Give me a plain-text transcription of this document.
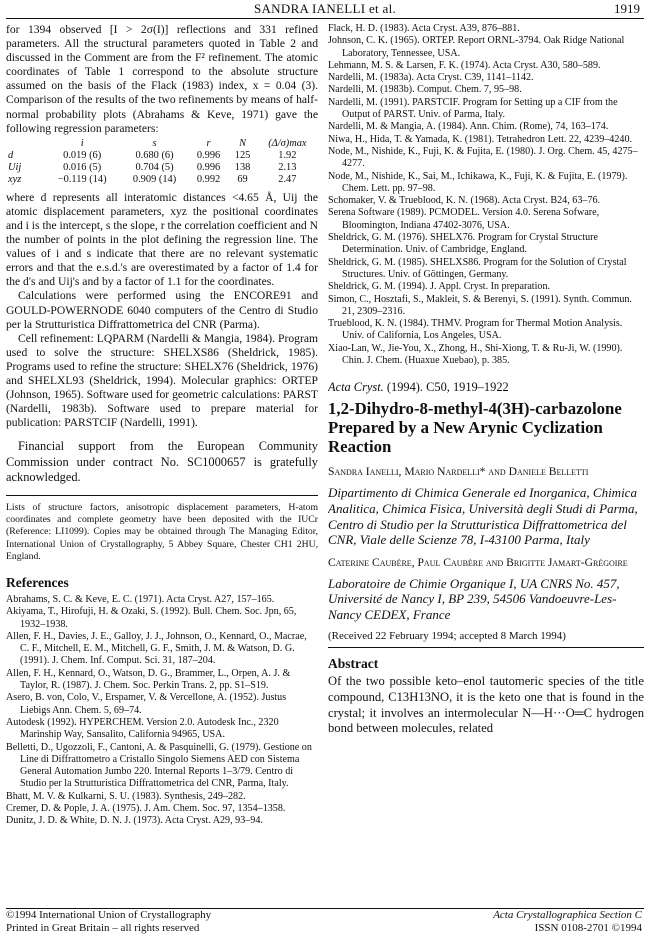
SANDRA IANELLI et al.	1919

for 1394 observed [I > 2σ(I)] reflections and 331 refined parameters. All the structural parameters quoted in Table 2 and discussed in the Comment are from the F² refinement. The atomic coordinates of Table 1 correspond to the absolute structure assumed on the basis of the Flack (1983) index, x = 0.04 (3). Comparison of the results of the two refinements by means of half-normal probability plots (Abrahams & Keve, 1971) gave the following regression parameters:

	i	s	r	N	(Δ/σ)max
d	0.019 (6)	0.680 (6)	0.996	125	1.92
Uij	0.016 (5)	0.704 (5)	0.996	138	2.13
xyz	−0.119 (14)	0.909 (14)	0.992	69	2.47

where d represents all interatomic distances <4.65 Å, Uij the atomic displacement parameters, xyz the positional coordinates and i is the intercept, s the slope, r the correlation coefficient and N the number of points in the plot defining the regression line. The values of i and s indicate that there are no relevant systematic errors and that the e.s.d.'s are overestimated by a factor of 1.4 for the d's and Uij's and by a factor of 1.1 for the coordinates.

Calculations were performed using the ENCORE91 and GOULD-POWERNODE 6040 computers of the Centro di Studio per la Strutturistica Diffrattometrica del CNR (Parma).

Cell refinement: LQPARM (Nardelli & Mangia, 1984). Program used to solve the structure: SHELXS86 (Sheldrick, 1985). Programs used to refine the structure: SHELX76 (Sheldrick, 1976) and SHELXL93 (Sheldrick, 1994). Molecular graphics: ORTEP (Johnson, 1965). Software used for geometric calculations: PARST (Nardelli, 1983b). Software used to prepare material for publication: PARSTCIF (Nardelli, 1991).

Financial support from the European Community Commission under contract No. SC1000657 is gratefully acknowledged.

Lists of structure factors, anisotropic displacement parameters, H-atom coordinates and complete geometry have been deposited with the IUCr (Reference: LI1099). Copies may be obtained through The Managing Editor, International Union of Crystallography, 5 Abbey Square, Chester CH1 2HU, England.

References

Abrahams, S. C. & Keve, E. C. (1971). Acta Cryst. A27, 157–165.

Akiyama, T., Hirofuji, H. & Ozaki, S. (1992). Bull. Chem. Soc. Jpn, 65, 1932–1938.

Allen, F. H., Davies, J. E., Galloy, J. J., Johnson, O., Kennard, O., Macrae, C. F., Mitchell, E. M., Mitchell, G. F., Smith, J. M. & Watson, D. G. (1991). J. Chem. Inf. Comput. Sci. 31, 187–204.

Allen, F. H., Kennard, O., Watson, D. G., Brammer, L., Orpen, A. J. & Taylor, R. (1987). J. Chem. Soc. Perkin Trans. 2, pp. S1–S19.

Asero, B. von, Colo, V., Erspamer, V. & Vercellone, A. (1952). Justus Liebigs Ann. Chem. 5, 69–74.

Autodesk (1992). HYPERCHEM. Version 2.0. Autodesk Inc., 2320 Marinship Way, Sansalito, California 94965, USA.

Belletti, D., Ugozzoli, F., Cantoni, A. & Pasquinelli, G. (1979). Gestione on Line di Diffrattometro a Cristallo Singolo Siemens AED con Sistema General Automation Jumbo 220. Internal Reports 1–3/79. Centro di Studio per la Strutturistica Diffrattometrica del CNR, Parma, Italy.

Bhatt, M. V. & Kulkarni, S. U. (1983). Synthesis, 249–282.

Cremer, D. & Pople, J. A. (1975). J. Am. Chem. Soc. 97, 1354–1358.

Dunitz, J. D. & White, D. N. J. (1973). Acta Cryst. A29, 93–94.

Flack, H. D. (1983). Acta Cryst. A39, 876–881.

Johnson, C. K. (1965). ORTEP. Report ORNL-3794. Oak Ridge National Laboratory, Tennessee, USA.

Lehmann, M. S. & Larsen, F. K. (1974). Acta Cryst. A30, 580–589.

Nardelli, M. (1983a). Acta Cryst. C39, 1141–1142.

Nardelli, M. (1983b). Comput. Chem. 7, 95–98.

Nardelli, M. (1991). PARSTCIF. Program for Setting up a CIF from the Output of PARST. Univ. of Parma, Italy.

Nardelli, M. & Mangia, A. (1984). Ann. Chim. (Rome), 74, 163–174.

Niwa, H., Hida, T. & Yamada, K. (1981). Tetrahedron Lett. 22, 4239–4240.

Node, M., Nishide, K., Fuji, K. & Fujita, E. (1980). J. Org. Chem. 45, 4275–4277.

Node, M., Nishide, K., Sai, M., Ichikawa, K., Fuji, K. & Fujita, E. (1979). Chem. Lett. pp. 97–98.

Schomaker, V. & Trueblood, K. N. (1968). Acta Cryst. B24, 63–76.

Serena Software (1989). PCMODEL. Version 4.0. Serena Sofware, Bloomington, Indiana 47402-3076, USA.

Sheldrick, G. M. (1976). SHELX76. Program for Crystal Structure Determination. Univ. of Cambridge, England.

Sheldrick, G. M. (1985). SHELXS86. Program for the Solution of Crystal Structures. Univ. of Göttingen, Germany.

Sheldrick, G. M. (1994). J. Appl. Cryst. In preparation.

Simon, C., Hosztafi, S., Makleit, S. & Berenyi, S. (1991). Synth. Commun. 21, 2309–2316.

Trueblood, K. N. (1984). THMV. Program for Thermal Motion Analysis. Univ. of California, Los Angeles, USA.

Xiao-Lan, W., Jie-You, X., Zhong, H., Shi-Xiong, T. & Ru-Ji, W. (1990). Chin. J. Chem. (Huaxue Xuebao), p. 385.

Acta Cryst. (1994). C50, 1919–1922
1,2-Dihydro-8-methyl-4(3H)-carbazolone Prepared by a New Arynic Cyclization Reaction
Sandra Ianelli, Mario Nardelli* and Daniele Belletti
Dipartimento di Chimica Generale ed Inorganica, Chimica Analitica, Chimica Fisica, Università degli Studi di Parma, Centro di Studio per la Strutturistica Diffrattometrica del CNR, Viale delle Scienze 78, I-43100 Parma, Italy
Caterine Caubère, Paul Caubère and Brigitte Jamart-Grégoire
Laboratoire de Chimie Organique I, UA CNRS No. 457, Université de Nancy I, BP 239, 54506 Vandoeuvre-Les-Nancy CEDEX, France
(Received 22 February 1994; accepted 8 March 1994)
Abstract

Of the two possible keto–enol tautomeric species of the title compound, C13H13NO, it is the keto one that is found in the crystal; it involves an intermolecular N—H···O═C hydrogen bond between molecules, related

©1994 International Union of Crystallography
Printed in Great Britain – all rights reserved
Acta Crystallographica Section C
ISSN 0108-2701 ©1994
